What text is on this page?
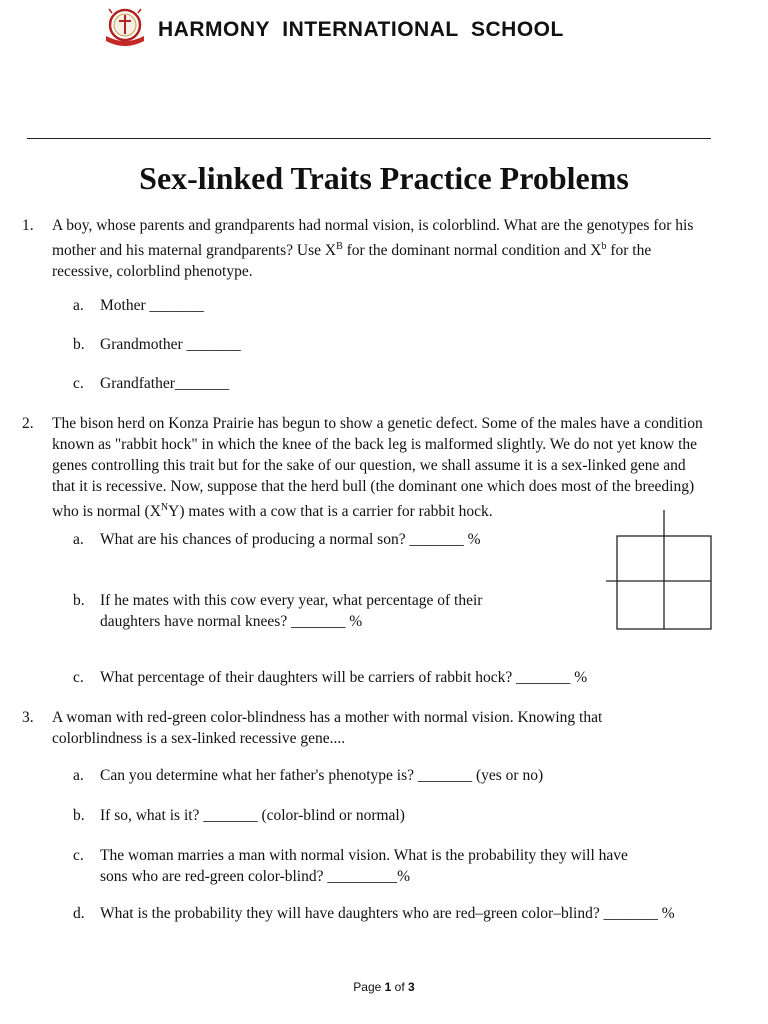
HARMONY  INTERNATIONAL  SCHOOL
Sex-linked Traits Practice Problems
1.	A boy, whose parents and grandparents had normal vision, is colorblind. What are the genotypes for his mother and his maternal grandparents? Use $X^B$ for the dominant normal condition and $X^b$ for the recessive, colorblind phenotype.
a.	Mother _______
b. Grandmother _______
c.	Grandfather_______
2.	The bison herd on Konza Prairie has begun to show a genetic defect. Some of the males have a condition known as "rabbit hock" in which the knee of the back leg is malformed slightly. We do not yet know the genes controlling this trait but for the sake of our question, we shall assume it is a sex-linked gene and that it is recessive. Now, suppose that the herd bull (the dominant one which does most of the breeding) who is normal $(X^NY)$ mates with a cow that is a carrier for rabbit hock.
a.	What are his chances of producing a normal son? _______ %
b. If he mates with this cow every year, what percentage of their daughters have normal knees? _______ %
c.	What percentage of their daughters will be carriers of rabbit hock? _______ %
3.	A woman with red-green color-blindness has a mother with normal vision. Knowing that colorblindness is a sex-linked recessive gene....
a.	Can you determine what her father's phenotype is? _______ (yes or no)
b. If so, what is it? _______ (color-blind or normal)
c.	The woman marries a man with normal vision. What is the probability they will have sons who are red-green color-blind? _________%
d. What is the probability they will have daughters who are red–green color–blind? _______ %
Page 1 of 3
